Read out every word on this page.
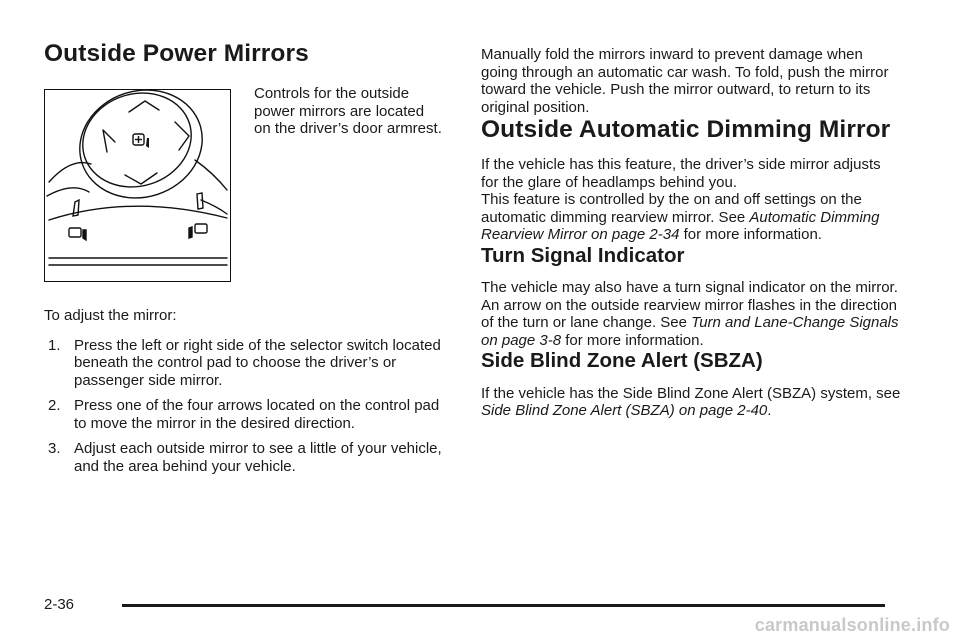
Outside Power Mirrors

Controls for the outside power mirrors are located on the driver’s door armrest.

To adjust the mirror:

1. Press the left or right side of the selector switch located beneath the control pad to choose the driver’s or passenger side mirror.
2. Press one of the four arrows located on the control pad to move the mirror in the desired direction.
3. Adjust each outside mirror to see a little of your vehicle, and the area behind your vehicle.

Manually fold the mirrors inward to prevent damage when going through an automatic car wash. To fold, push the mirror toward the vehicle. Push the mirror outward, to return to its original position.

Outside Automatic Dimming Mirror

If the vehicle has this feature, the driver’s side mirror adjusts for the glare of headlamps behind you.

This feature is controlled by the on and off settings on the automatic dimming rearview mirror. See Automatic Dimming Rearview Mirror on page 2-34 for more information.

Turn Signal Indicator

The vehicle may also have a turn signal indicator on the mirror. An arrow on the outside rearview mirror flashes in the direction of the turn or lane change. See Turn and Lane-Change Signals on page 3-8 for more information.

Side Blind Zone Alert (SBZA)

If the vehicle has the Side Blind Zone Alert (SBZA) system, see Side Blind Zone Alert (SBZA) on page 2-40.

2-36
carmanualsonline.info
